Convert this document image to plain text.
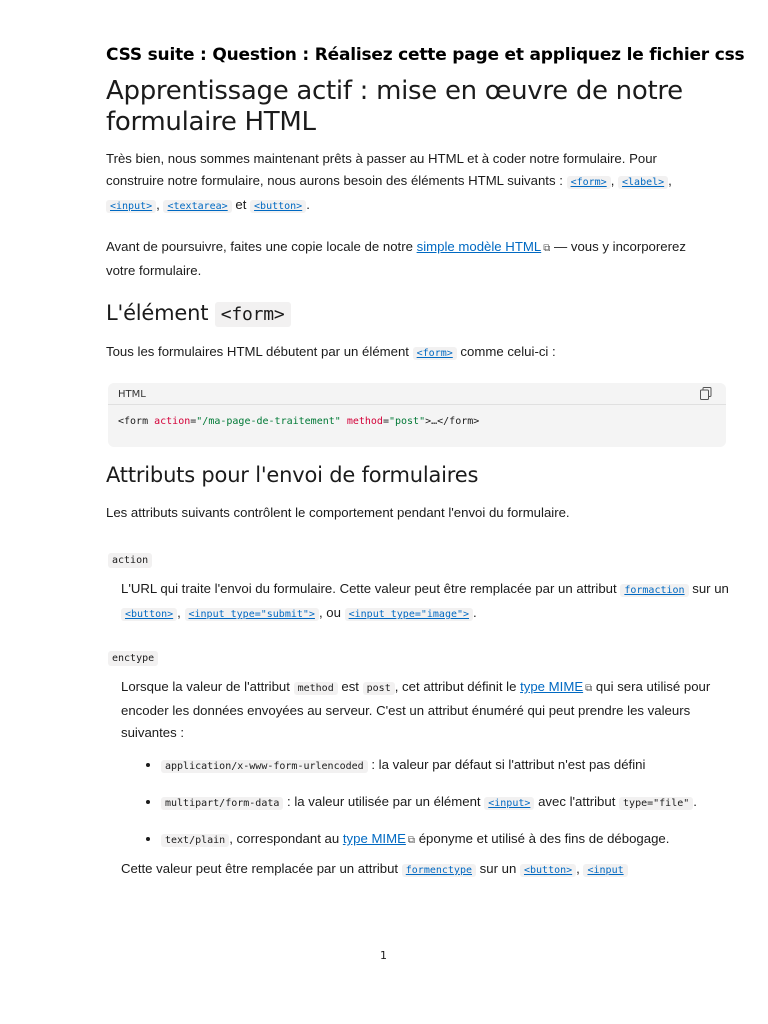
CSS suite : Question : Réalisez cette page et appliquez le fichier css
Apprentissage actif : mise en œuvre de notre
formulaire HTML
Très bien, nous sommes maintenant prêts à passer au HTML et à coder notre formulaire. Pour construire notre formulaire, nous aurons besoin des éléments HTML suivants : <form> , <label> , <input> , <textarea> et <button> .
Avant de poursuivre, faites une copie locale de notre simple modèle HTML ⧉ — vous y incorporerez votre formulaire.
L'élément <form>
Tous les formulaires HTML débutent par un élément <form> comme celui-ci :
HTML
<form action="/ma-page-de-traitement" method="post">…</form>
Attributs pour l'envoi de formulaires
Les attributs suivants contrôlent le comportement pendant l'envoi du formulaire.
action
L'URL qui traite l'envoi du formulaire. Cette valeur peut être remplacée par un attribut formaction sur un <button> , <input type="submit"> , ou <input type="image"> .
enctype
Lorsque la valeur de l'attribut method est post , cet attribut définit le type MIME ⧉ qui sera utilisé pour encoder les données envoyées au serveur. C'est un attribut énuméré qui peut prendre les valeurs suivantes :
• application/x-www-form-urlencoded : la valeur par défaut si l'attribut n'est pas défini
• multipart/form-data : la valeur utilisée par un élément <input> avec l'attribut type="file" .
• text/plain , correspondant au type MIME ⧉ éponyme et utilisé à des fins de débogage.
Cette valeur peut être remplacée par un attribut formenctype sur un <button> , <input
1
